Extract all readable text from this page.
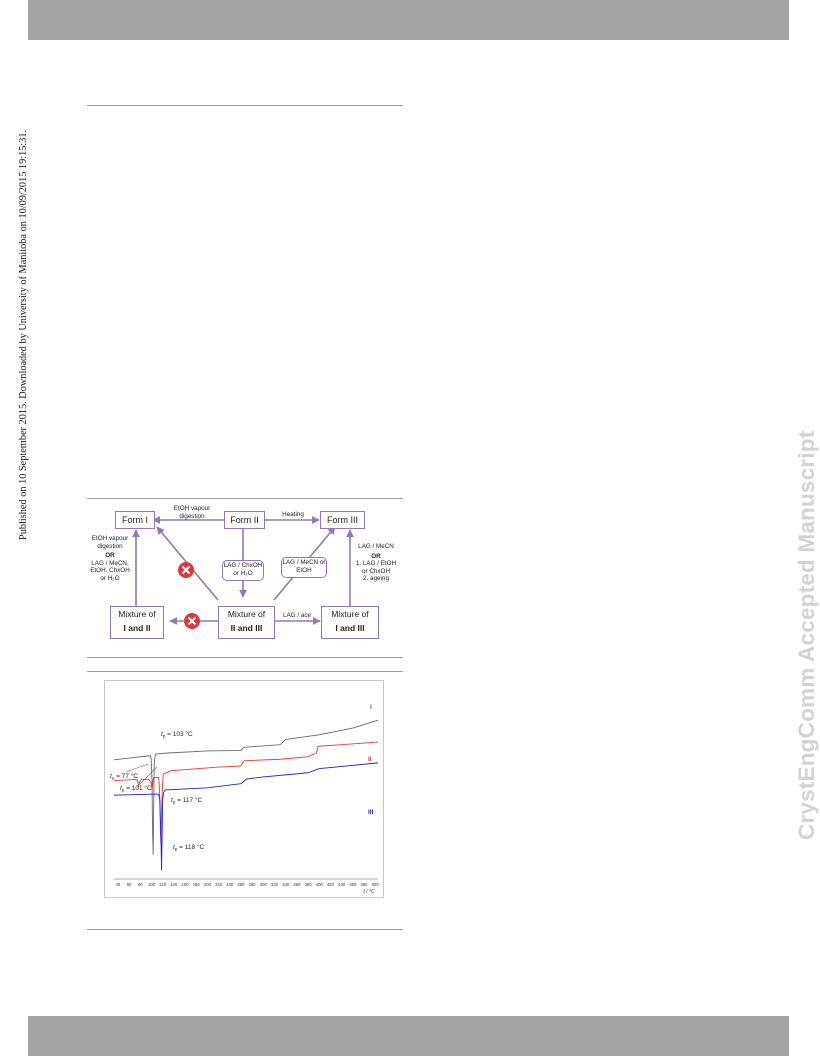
Published on 10 September 2015. Downloaded by University of Manitoba on 10/09/2015 19:15:31.
CrystEngComm Accepted Manuscript
Form I	Form II	Form III
Mixture of
I and II
Mixture of
II and III
Mixture of
I and III
EtOH vapour
digestion	Heating
EtOH vapour
digestion
OR
LAG / MeCN,
EtOH, ChxOH
or H₂O
LAG / ChxOH
or H₂O
LAG / MeCN or
EtOH
LAG / ace
LAG / MeCN
OR
1. LAG / EtOH
or ChxOH
2. ageing
40 60 80 100 120 140 160 180 200 220 240 260 280 300 320 340 360 380 400 420 440 460 480 500
t / °C
I
II
III
$t_p = 103$ °C
$t_e = 77$ °C
$t_p = 101$ °C
$t_p = 117$ °C
$t_p = 118$ °C
